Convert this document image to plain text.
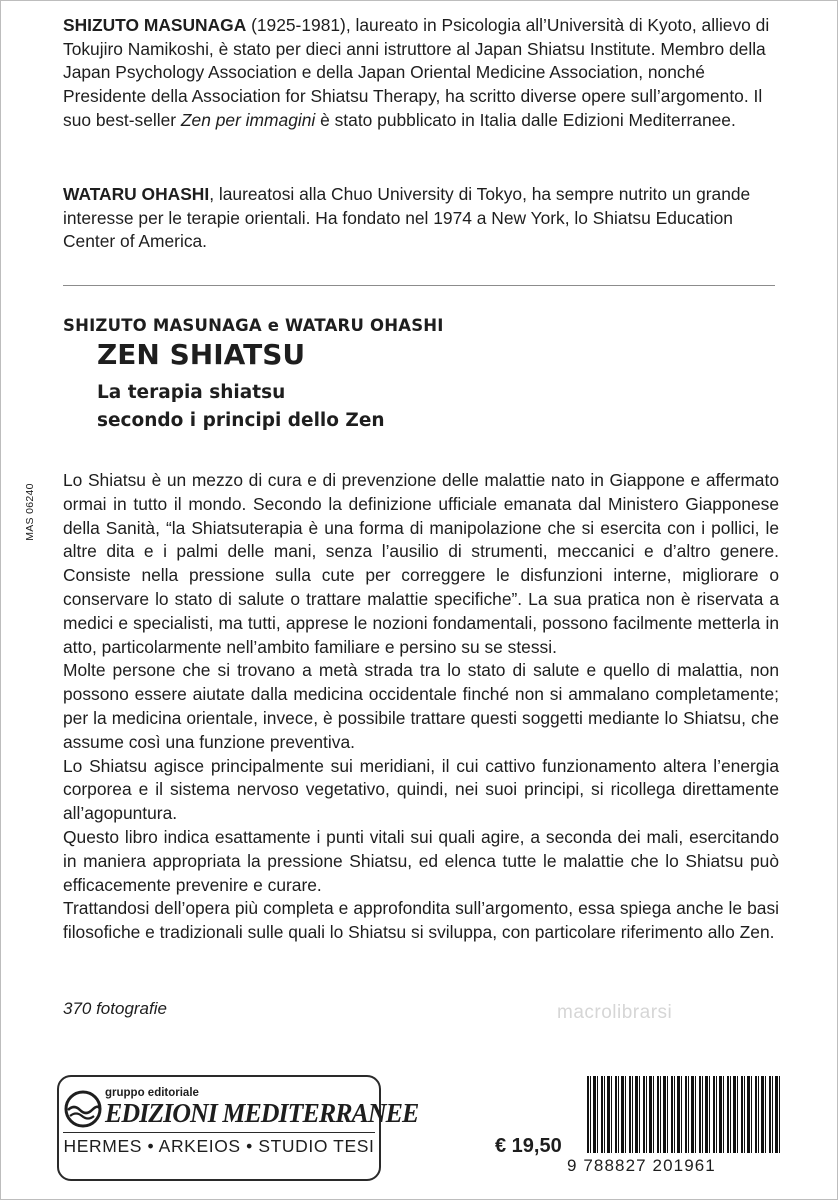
SHIZUTO MASUNAGA (1925-1981), laureato in Psicologia all’Università di Kyoto, allievo di Tokujiro Namikoshi, è stato per dieci anni istruttore al Japan Shiatsu Institute. Membro della Japan Psychology Association e della Japan Oriental Medicine Association, nonché Presidente della Association for Shiatsu Therapy, ha scritto diverse opere sull’argomento. Il suo best-seller Zen per immagini è stato pubblicato in Italia dalle Edizioni Mediterranee.
WATARU OHASHI, laureatosi alla Chuo University di Tokyo, ha sempre nutrito un grande interesse per le terapie orientali. Ha fondato nel 1974 a New York, lo Shiatsu Education Center of America.
SHIZUTO MASUNAGA e WATARU OHASHI
ZEN SHIATSU
La terapia shiatsu
secondo i principi dello Zen
MAS 06240

Lo Shiatsu è un mezzo di cura e di prevenzione delle malattie nato in Giappone e affermato ormai in tutto il mondo. Secondo la definizione ufficiale emanata dal Ministero Giapponese della Sanità, “la Shiatsuterapia è una forma di manipolazione che si esercita con i pollici, le altre dita e i palmi delle mani, senza l’ausilio di strumenti, meccanici e d’altro genere. Consiste nella pressione sulla cute per correggere le disfunzioni interne, migliorare o conservare lo stato di salute o trattare malattie specifiche”. La sua pratica non è riservata a medici e specialisti, ma tutti, apprese le nozioni fondamentali, possono facilmente metterla in atto, particolarmente nell’ambito familiare e persino su se stessi.

Molte persone che si trovano a metà strada tra lo stato di salute e quello di malattia, non possono essere aiutate dalla medicina occidentale finché non si ammalano completamente; per la medicina orientale, invece, è possibile trattare questi soggetti mediante lo Shiatsu, che assume così una funzione preventiva.

Lo Shiatsu agisce principalmente sui meridiani, il cui cattivo funzionamento altera l’energia corporea e il sistema nervoso vegetativo, quindi, nei suoi principi, si ricollega direttamente all’agopuntura.

Questo libro indica esattamente i punti vitali sui quali agire, a seconda dei mali, esercitando in maniera appropriata la pressione Shiatsu, ed elenca tutte le malattie che lo Shiatsu può efficacemente prevenire e curare.

Trattandosi dell’opera più completa e approfondita sull’argomento, essa spiega anche le basi filosofiche e tradizionali sulle quali lo Shiatsu si sviluppa, con particolare riferimento allo Zen.

370 fotografie	macrolibrarsi
gruppo editoriale
EDIZIONI MEDITERRANEE
HERMES • ARKEIOS • STUDIO TESI	€ 19,50
9 788827 201961
